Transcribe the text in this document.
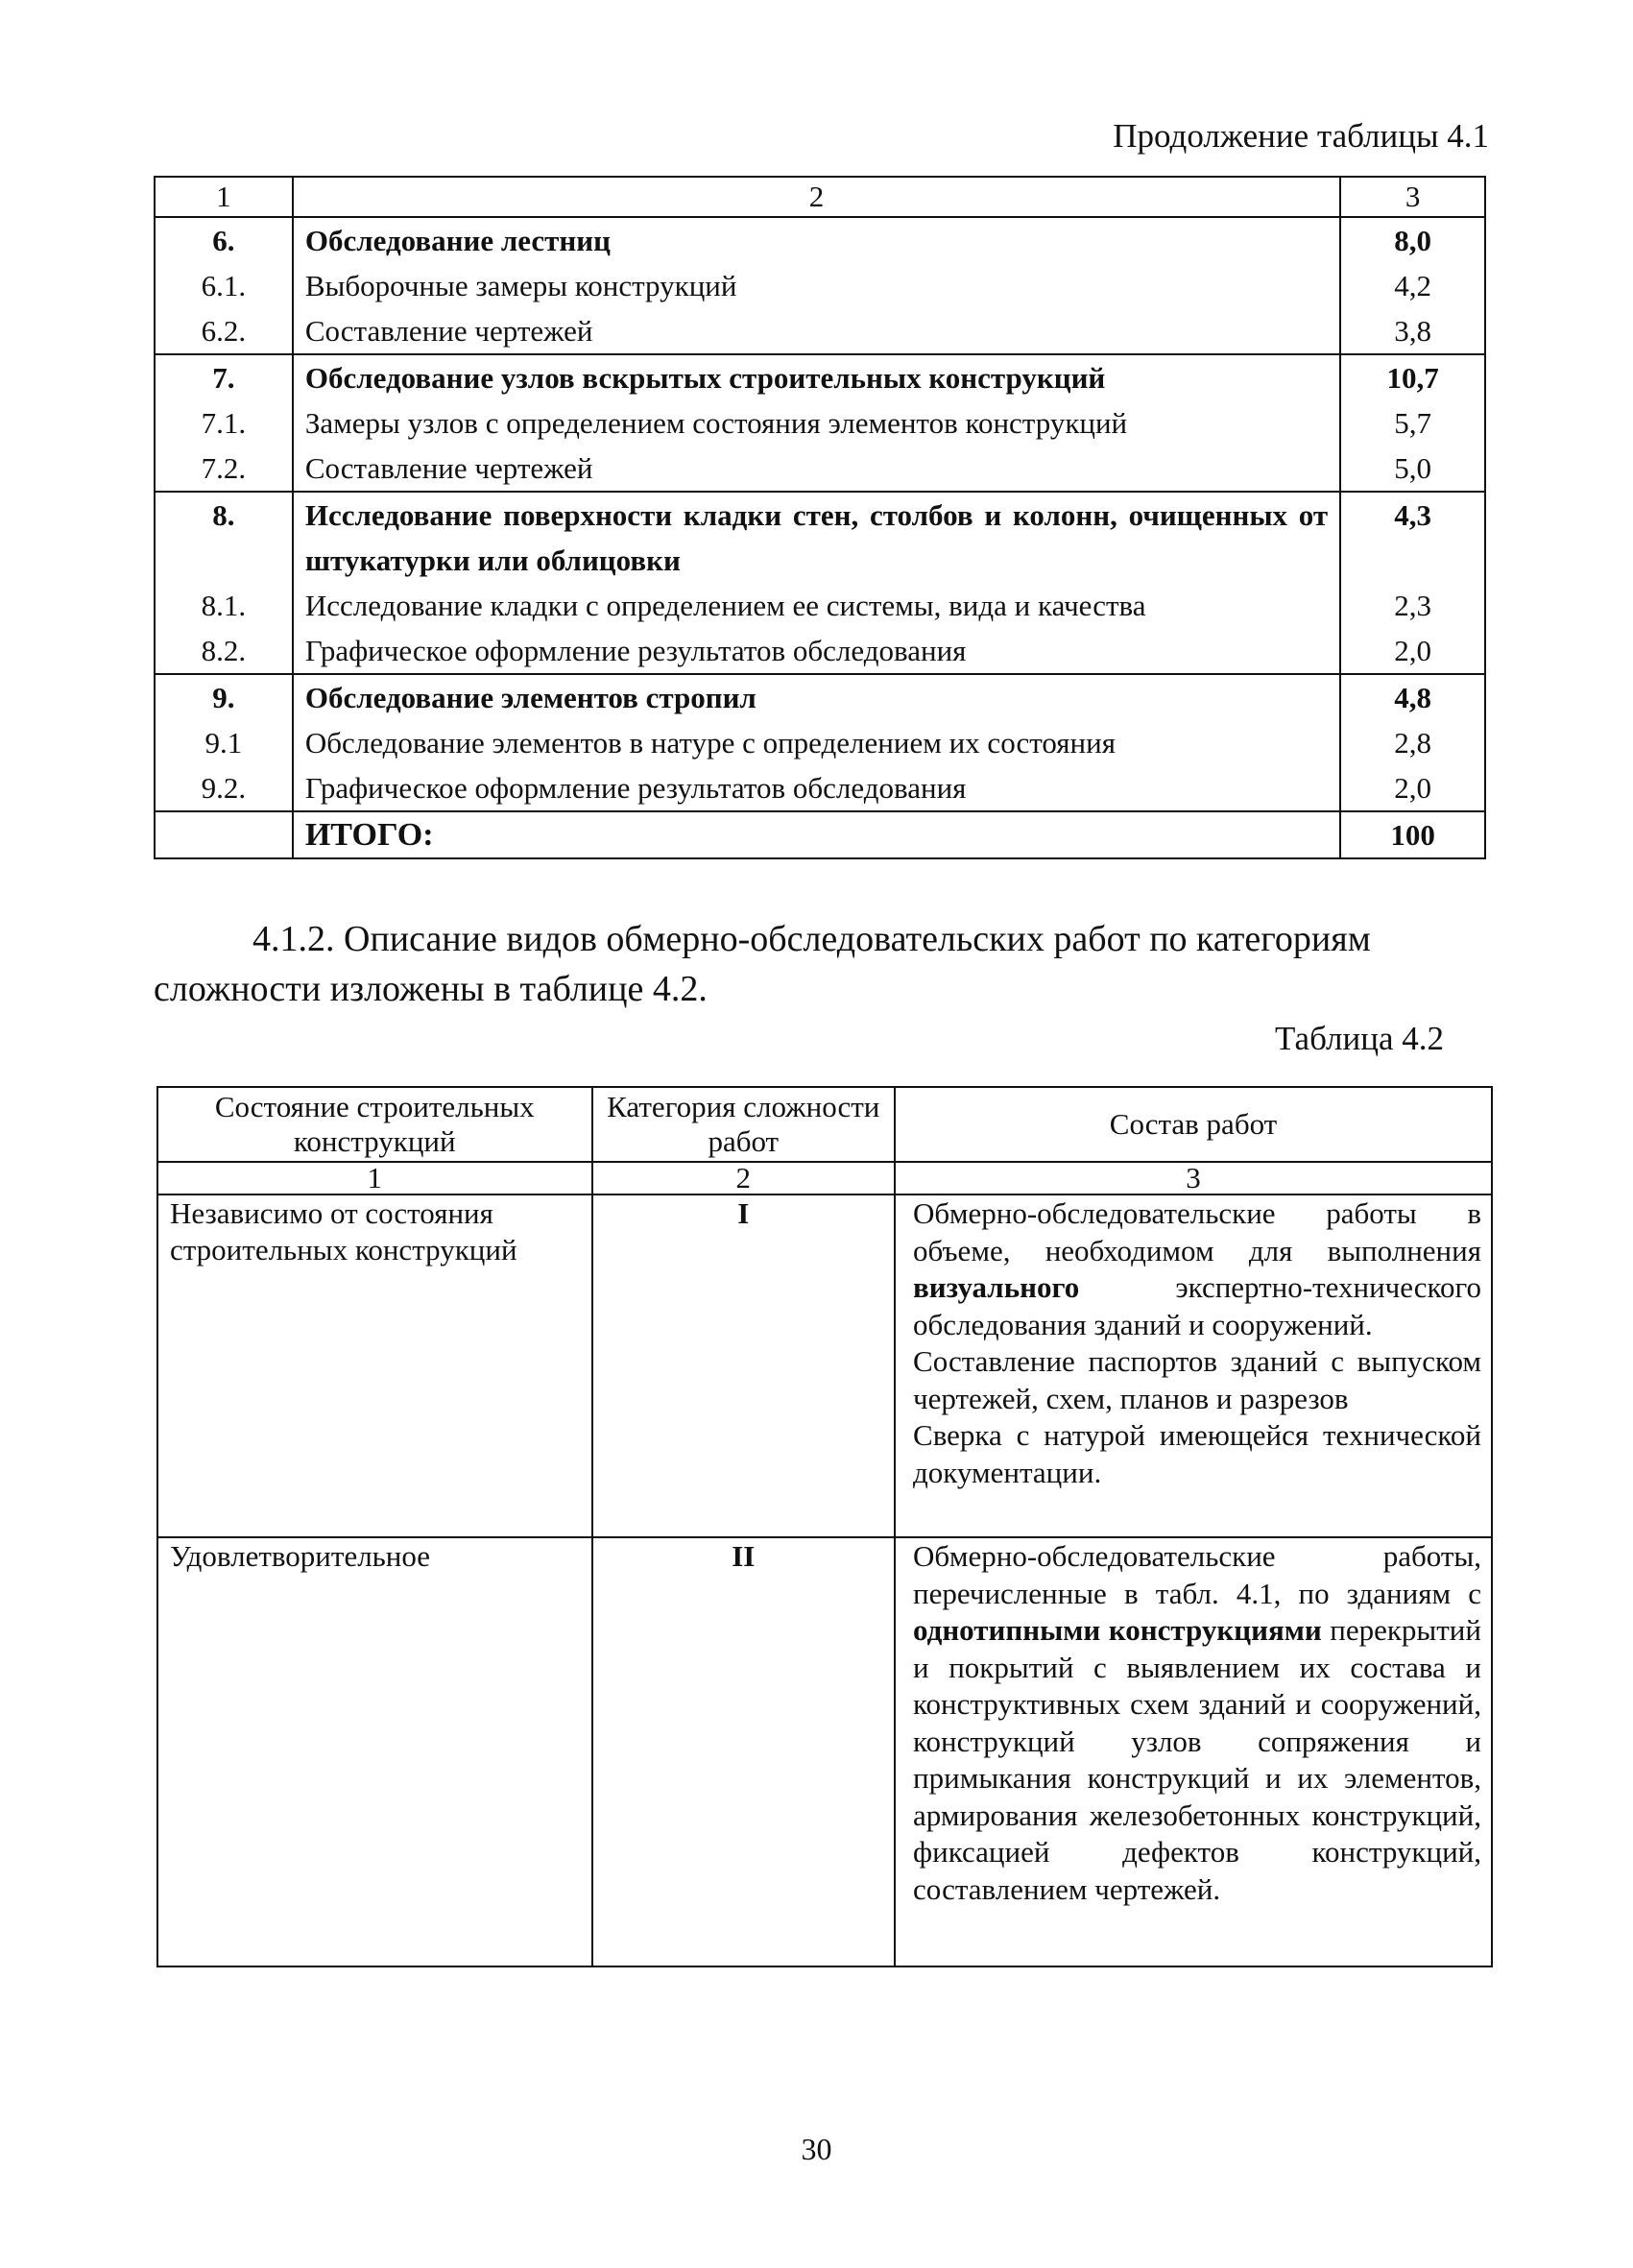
Продолжение таблицы 4.1
1	2	3
6.	Обследование лестниц	8,0
6.1.	Выборочные замеры конструкций	4,2
6.2.	Составление чертежей	3,8
7.	Обследование узлов вскрытых строительных конструкций	10,7
7.1.	Замеры узлов с определением состояния элементов конструкций	5,7
7.2.	Составление чертежей	5,0
8.	Исследование поверхности кладки стен, столбов и колонн, очищенных от штукатурки или облицовки	4,3
8.1.	Исследование кладки с определением ее системы, вида и качества	2,3
8.2.	Графическое оформление результатов обследования	2,0
9.	Обследование элементов стропил	4,8
9.1	Обследование элементов в натуре с определением их состояния	2,8
9.2.	Графическое оформление результатов обследования	2,0
	ИТОГО:	100
4.1.2. Описание видов обмерно-обследовательских работ по категориям сложности изложены в таблице 4.2.
Таблица 4.2
Состояние строительных конструкций	Категория сложности работ	Состав работ
1	2	3
Независимо от состояния строительных конструкций	I	Обмерно-обследовательские работы в объеме, необходимом для выполнения визуального экспертно-технического обследования зданий и сооружений.

Составление паспортов зданий с выпуском чертежей, схем, планов и разрезов

Сверка с натурой имеющейся технической документации.

Удовлетворительное	II	Обмерно-обследовательские работы, перечисленные в табл. 4.1, по зданиям с однотипными конструкциями перекрытий и покрытий с выявлением их состава и конструктивных схем зданий и сооружений, конструкций узлов сопряжения и примыкания конструкций и их элементов, армирования железобетонных конструкций, фиксацией дефектов конструкций, составлением чертежей.

30
